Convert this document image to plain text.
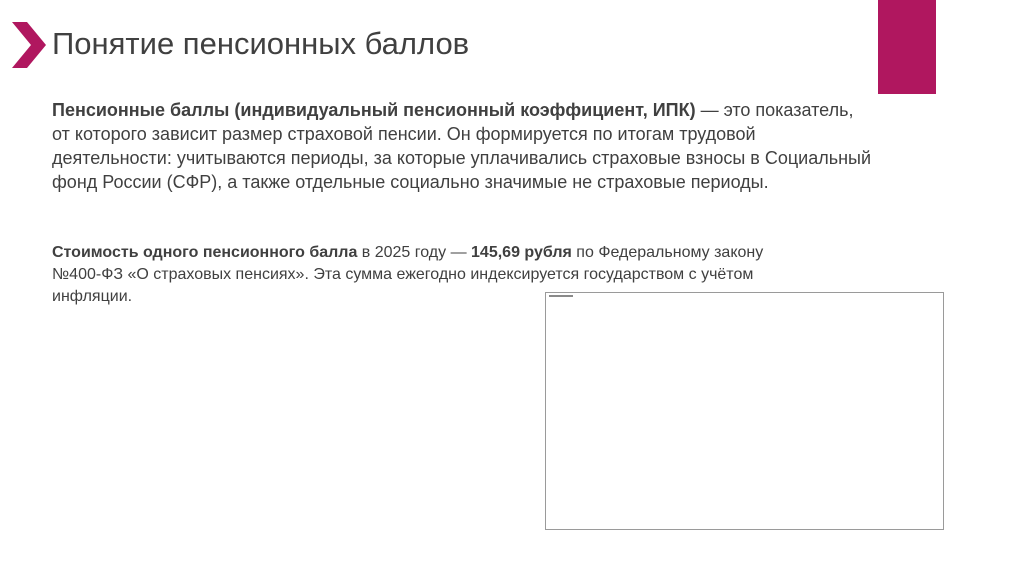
Понятие пенсионных баллов

Пенсионные баллы (индивидуальный пенсионный коэффициент, ИПК) — это показатель, от которого зависит размер страховой пенсии. Он формируется по итогам трудовой деятельности: учитываются периоды, за которые уплачивались страховые взносы в Социальный фонд России (СФР), а также отдельные социально значимые не страховые периоды.

Стоимость одного пенсионного балла в 2025 году — 145,69 рубля по Федеральному закону №400-ФЗ «О страховых пенсиях». Эта сумма ежегодно индексируется государством с учётом инфляции.
